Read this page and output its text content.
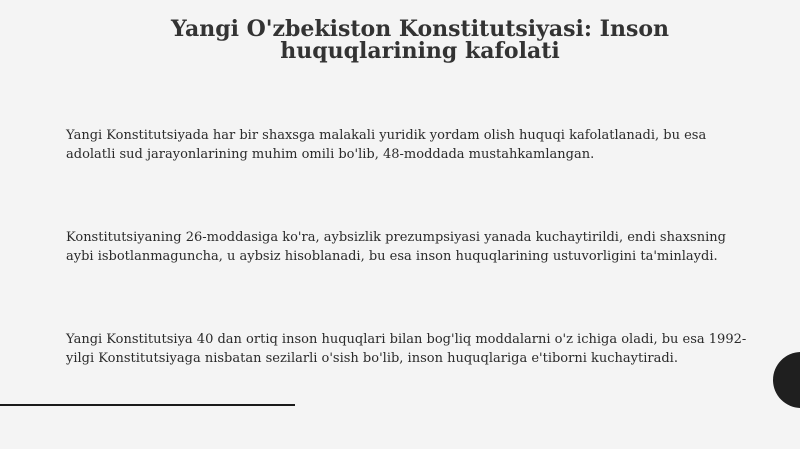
Yangi O'zbekiston Konstitutsiyasi: Inson huquqlarining kafolati

Yangi Konstitutsiyada har bir shaxsga malakali yuridik yordam olish huquqi kafolatlanadi, bu esa adolatli sud jarayonlarining muhim omili bo'lib, 48-moddada mustahkamlangan.

Konstitutsiyaning 26-moddasiga ko'ra, aybsizlik prezumpsiyasi yanada kuchaytirildi, endi shaxsning aybi isbotlanmaguncha, u aybsiz hisoblanadi, bu esa inson huquqlarining ustuvorligini ta'minlaydi.

Yangi Konstitutsiya 40 dan ortiq inson huquqlari bilan bog'liq moddalarni o'z ichiga oladi, bu esa 1992-yilgi Konstitutsiyaga nisbatan sezilarli o'sish bo'lib, inson huquqlariga e'tiborni kuchaytiradi.
